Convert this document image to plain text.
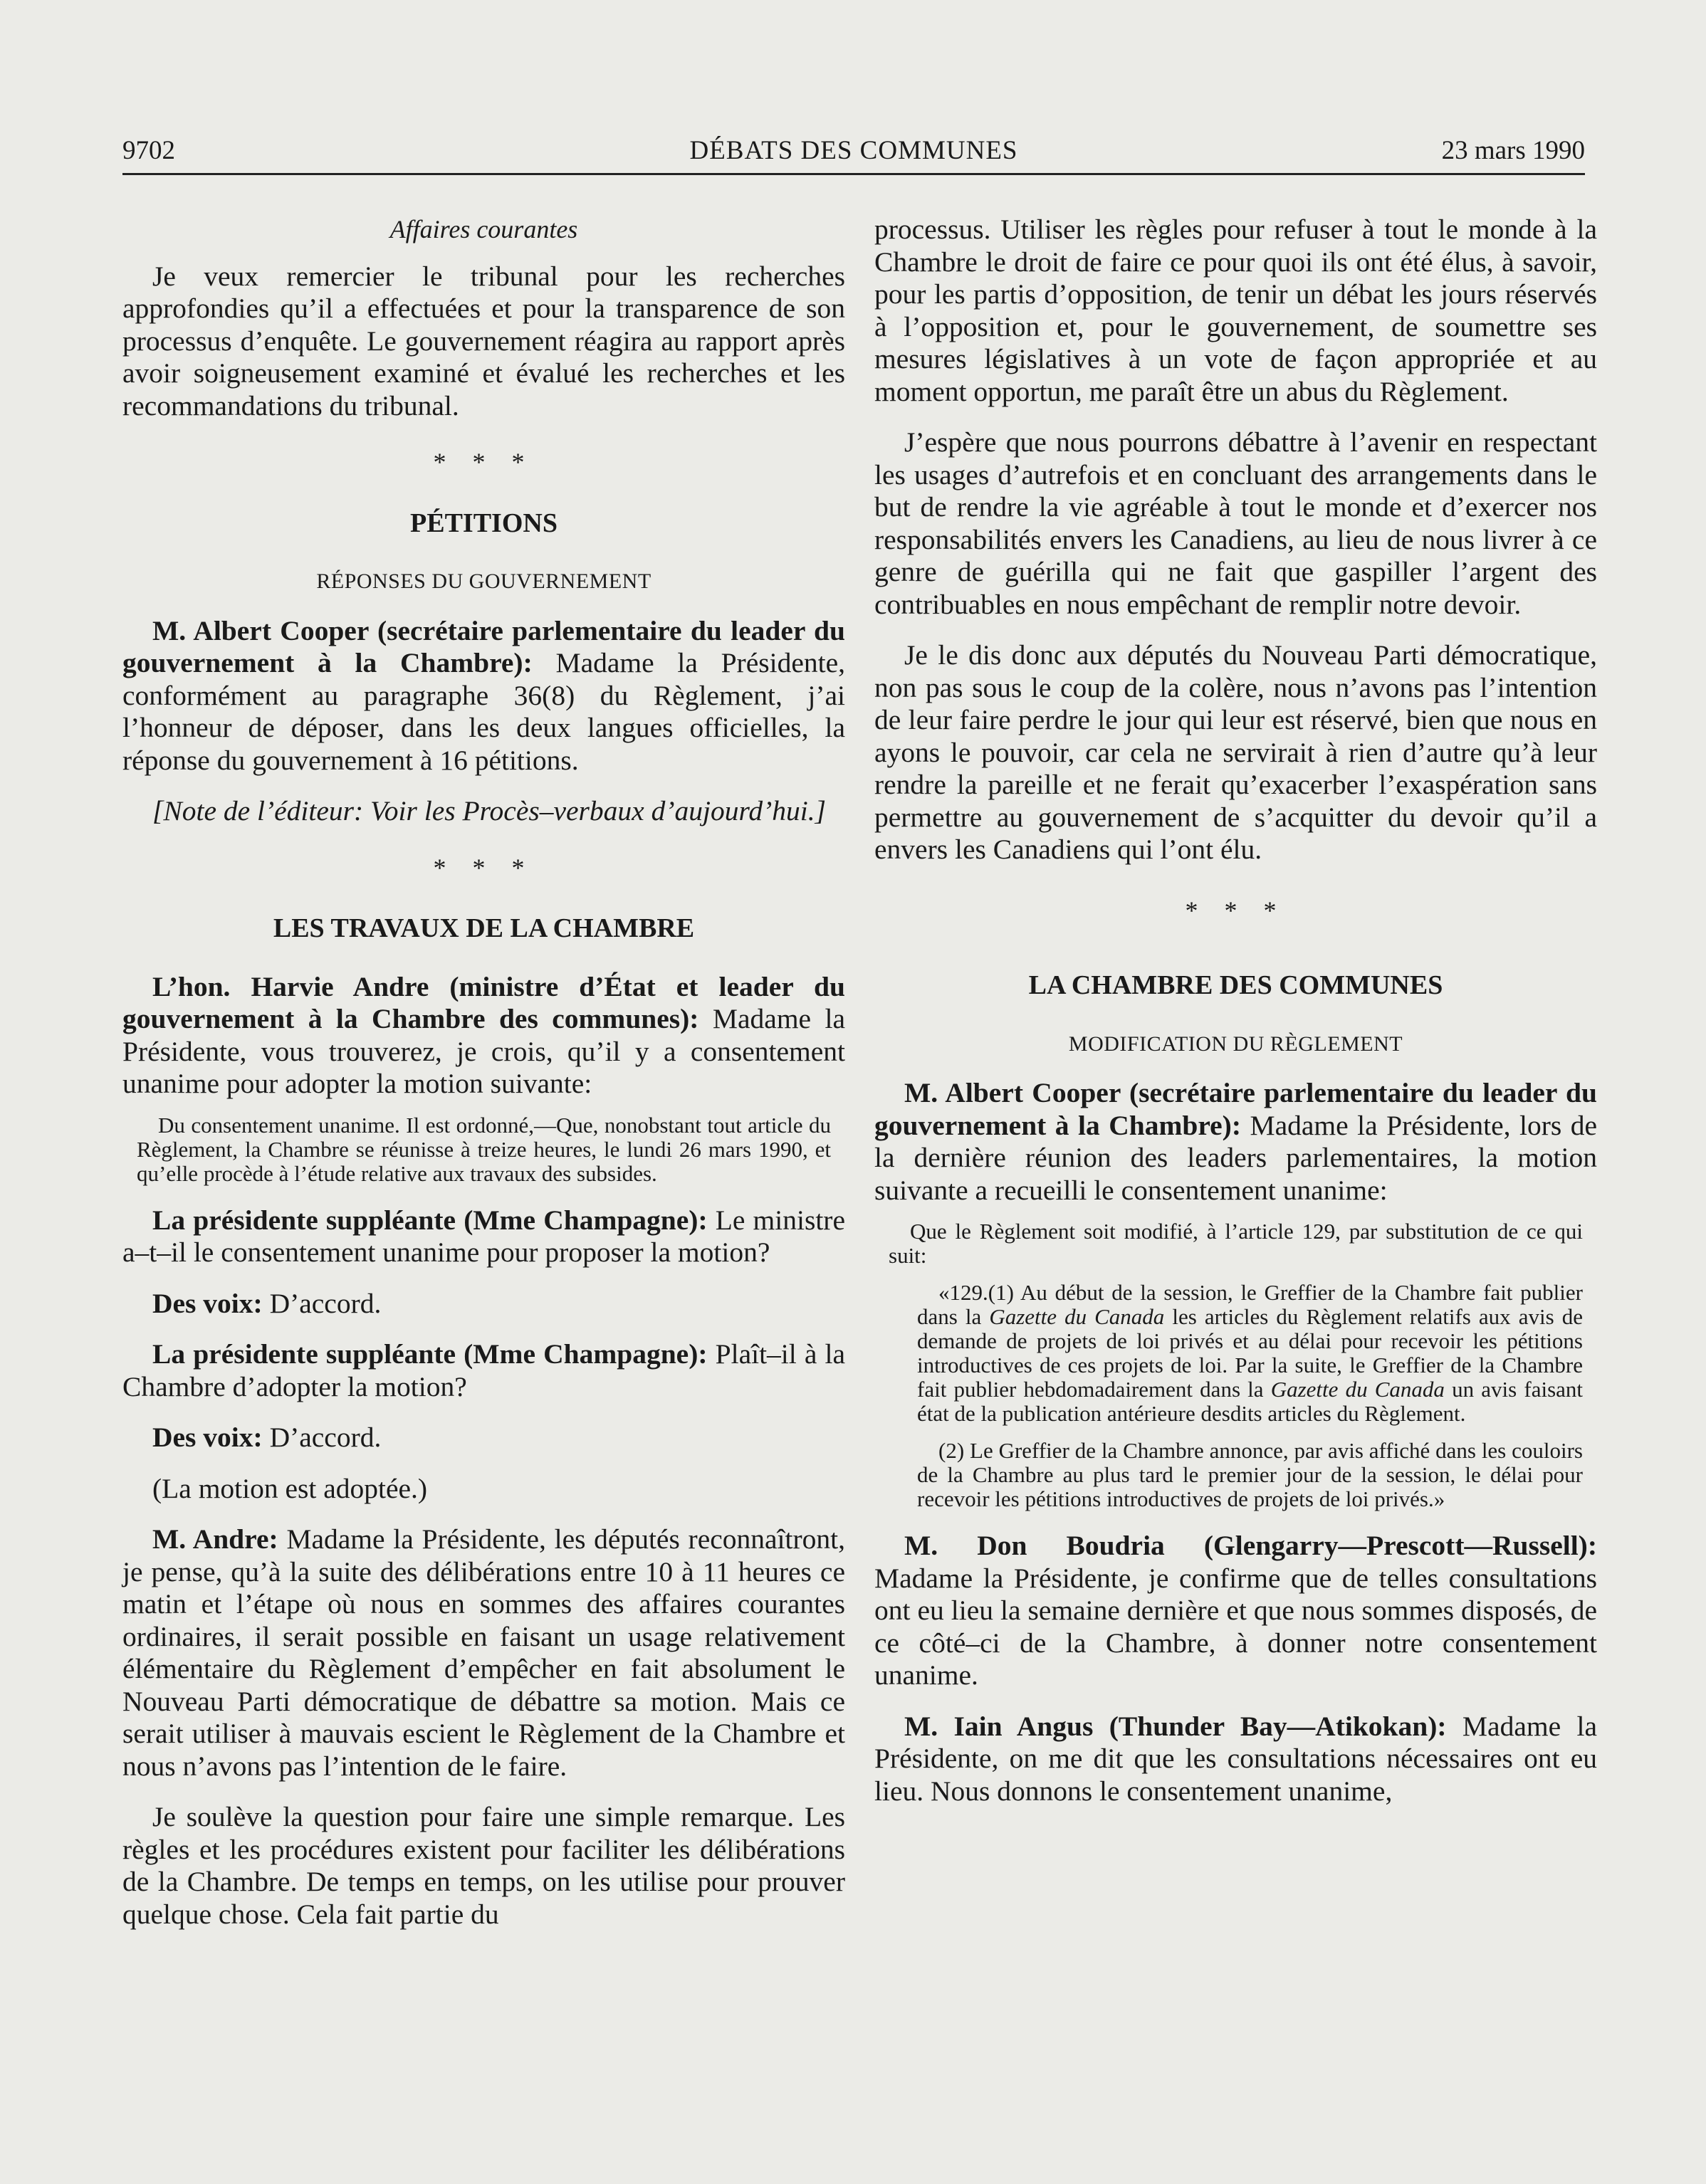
9702	DÉBATS DES COMMUNES	23 mars 1990
Affaires courantes

Je veux remercier le tribunal pour les recherches approfondies qu’il a effectuées et pour la transparence de son processus d’enquête. Le gouvernement réagira au rapport après avoir soigneusement examiné et évalué les recherches et les recommandations du tribunal.

* * *
PÉTITIONS
RÉPONSES DU GOUVERNEMENT

M. Albert Cooper (secrétaire parlementaire du leader du gouvernement à la Chambre): Madame la Présidente, conformément au paragraphe 36(8) du Règlement, j’ai l’honneur de déposer, dans les deux langues officielles, la réponse du gouvernement à 16 pétitions.

[Note de l’éditeur: Voir les Procès–verbaux d’aujourd’hui.]

* * *
LES TRAVAUX DE LA CHAMBRE

L’hon. Harvie Andre (ministre d’État et leader du gouvernement à la Chambre des communes): Madame la Présidente, vous trouverez, je crois, qu’il y a consentement unanime pour adopter la motion suivante:

Du consentement unanime. Il est ordonné,—Que, nonobstant tout article du Règlement, la Chambre se réunisse à treize heures, le lundi 26 mars 1990, et qu’elle procède à l’étude relative aux travaux des subsides.

La présidente suppléante (Mme Champagne): Le ministre a–t–il le consentement unanime pour proposer la motion?

Des voix: D’accord.

La présidente suppléante (Mme Champagne): Plaît–il à la Chambre d’adopter la motion?

Des voix: D’accord.

(La motion est adoptée.)

M. Andre: Madame la Présidente, les députés reconnaîtront, je pense, qu’à la suite des délibérations entre 10 à 11 heures ce matin et l’étape où nous en sommes des affaires courantes ordinaires, il serait possible en faisant un usage relativement élémentaire du Règlement d’empêcher en fait absolument le Nouveau Parti démocratique de débattre sa motion. Mais ce serait utiliser à mauvais escient le Règlement de la Chambre et nous n’avons pas l’intention de le faire.

Je soulève la question pour faire une simple remarque. Les règles et les procédures existent pour faciliter les délibérations de la Chambre. De temps en temps, on les utilise pour prouver quelque chose. Cela fait partie du

processus. Utiliser les règles pour refuser à tout le monde à la Chambre le droit de faire ce pour quoi ils ont été élus, à savoir, pour les partis d’opposition, de tenir un débat les jours réservés à l’opposition et, pour le gouvernement, de soumettre ses mesures législatives à un vote de façon appropriée et au moment opportun, me paraît être un abus du Règlement.

J’espère que nous pourrons débattre à l’avenir en respectant les usages d’autrefois et en concluant des arrangements dans le but de rendre la vie agréable à tout le monde et d’exercer nos responsabilités envers les Canadiens, au lieu de nous livrer à ce genre de guérilla qui ne fait que gaspiller l’argent des contribuables en nous empêchant de remplir notre devoir.

Je le dis donc aux députés du Nouveau Parti démocratique, non pas sous le coup de la colère, nous n’avons pas l’intention de leur faire perdre le jour qui leur est réservé, bien que nous en ayons le pouvoir, car cela ne servirait à rien d’autre qu’à leur rendre la pareille et ne ferait qu’exacerber l’exaspération sans permettre au gouvernement de s’acquitter du devoir qu’il a envers les Canadiens qui l’ont élu.

* * *
LA CHAMBRE DES COMMUNES
MODIFICATION DU RÈGLEMENT

M. Albert Cooper (secrétaire parlementaire du leader du gouvernement à la Chambre): Madame la Présidente, lors de la dernière réunion des leaders parlementaires, la motion suivante a recueilli le consentement unanime:

Que le Règlement soit modifié, à l’article 129, par substitution de ce qui suit:

«129.(1) Au début de la session, le Greffier de la Chambre fait publier dans la Gazette du Canada les articles du Règlement relatifs aux avis de demande de projets de loi privés et au délai pour recevoir les pétitions introductives de ces projets de loi. Par la suite, le Greffier de la Chambre fait publier hebdomadairement dans la Gazette du Canada un avis faisant état de la publication antérieure desdits articles du Règlement.

(2) Le Greffier de la Chambre annonce, par avis affiché dans les couloirs de la Chambre au plus tard le premier jour de la session, le délai pour recevoir les pétitions introductives de projets de loi privés.»

M. Don Boudria (Glengarry—Prescott—Russell): Madame la Présidente, je confirme que de telles consultations ont eu lieu la semaine dernière et que nous sommes disposés, de ce côté–ci de la Chambre, à donner notre consentement unanime.

M. Iain Angus (Thunder Bay—Atikokan): Madame la Présidente, on me dit que les consultations nécessaires ont eu lieu. Nous donnons le consentement unanime,
